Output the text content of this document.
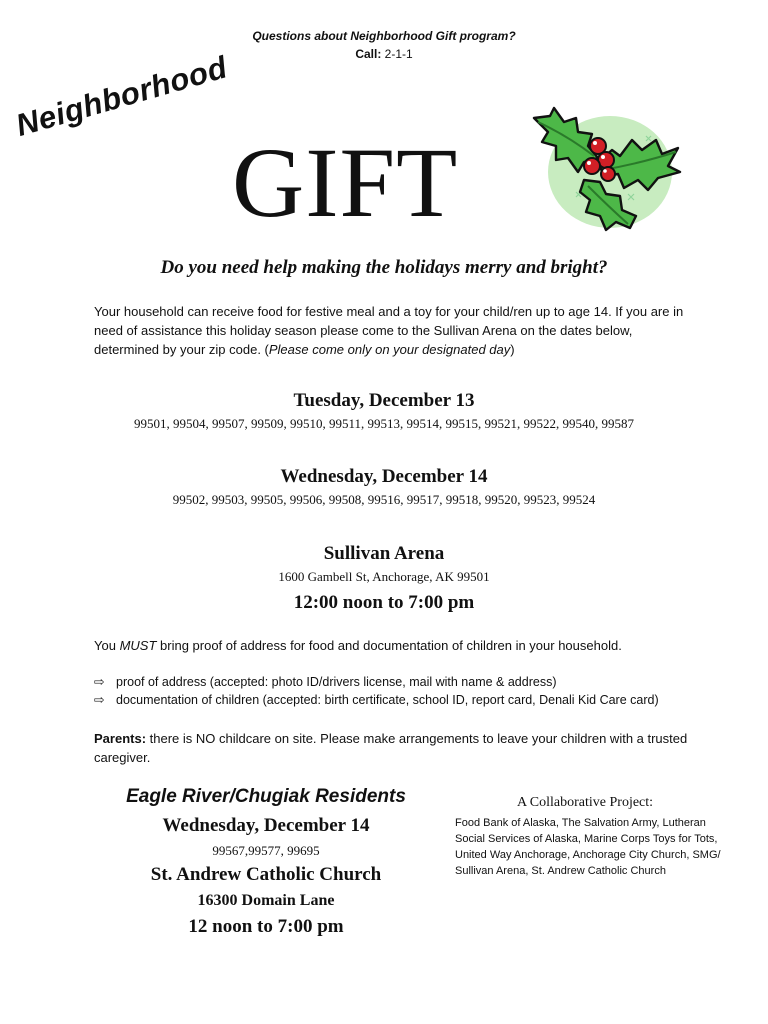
Questions about Neighborhood Gift program?
Call: 2-1-1
Neighborhood
GIFT
Do you need help making the holidays merry and bright?
Your household can receive food for festive meal and a toy for your child/ren up to age 14. If you are in need of assistance this holiday season please come to the Sullivan Arena on the dates below, determined by your zip code. (Please come only on your designated day)
Tuesday, December 13
99501, 99504, 99507, 99509, 99510, 99511, 99513, 99514, 99515, 99521, 99522, 99540, 99587
Wednesday, December 14
99502, 99503, 99505, 99506, 99508, 99516, 99517, 99518, 99520, 99523, 99524
Sullivan Arena
1600 Gambell St, Anchorage, AK 99501
12:00 noon to 7:00 pm
You MUST bring proof of address for food and documentation of children in your household.
⇨ proof of address (accepted: photo ID/drivers license, mail with name & address)
⇨ documentation of children (accepted: birth certificate, school ID, report card, Denali Kid Care card)
Parents: there is NO childcare on site. Please make arrangements to leave your children with a trusted caregiver.
Eagle River/Chugiak Residents
Wednesday, December 14
99567,99577, 99695
St. Andrew Catholic Church
16300 Domain Lane
12 noon to 7:00 pm
A Collaborative Project:
Food Bank of Alaska, The Salvation Army, Lutheran Social Services of Alaska, Marine Corps Toys for Tots, United Way Anchorage, Anchorage City Church, SMG/ Sullivan Arena, St. Andrew Catholic Church
